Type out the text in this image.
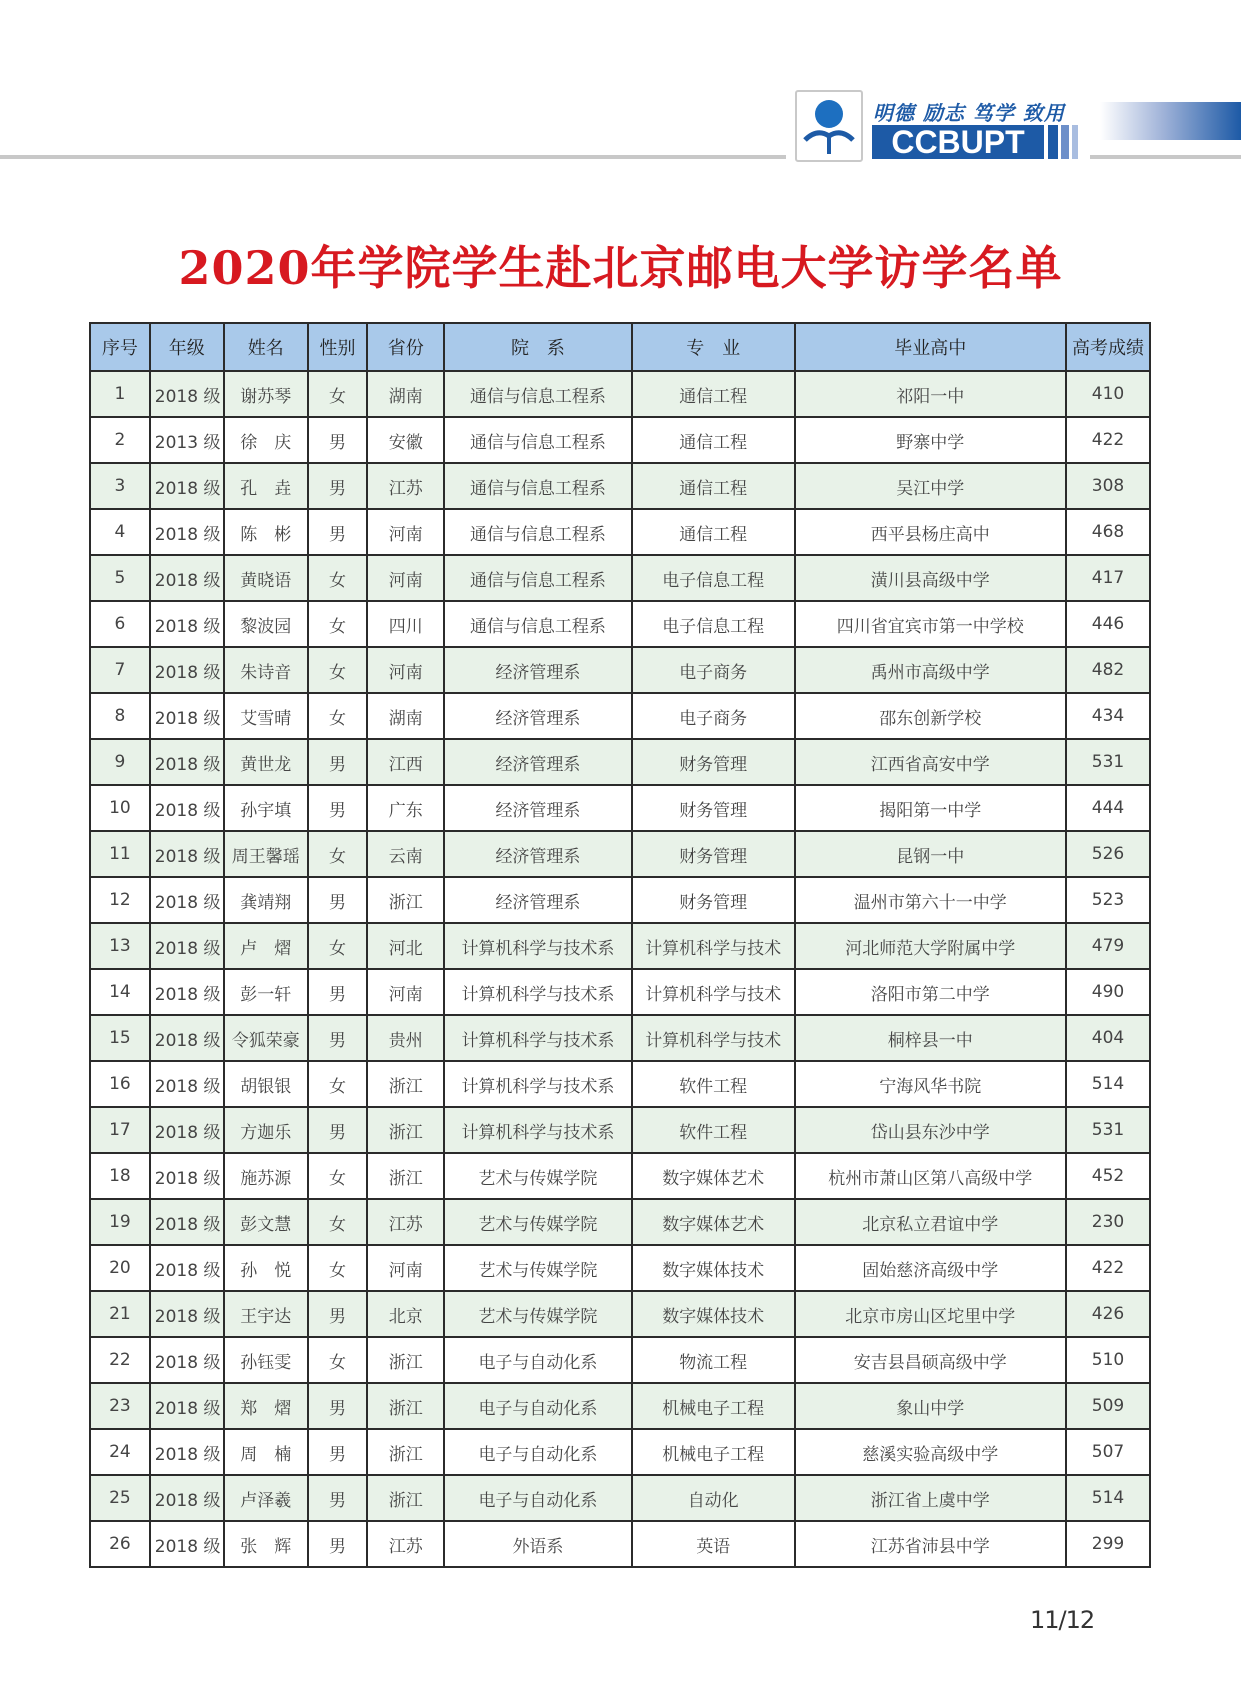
明德 励志 笃学 致用
CCBUPT
2020年学院学生赴北京邮电大学访学名单
序号	年级	姓名	性别	省份	院　系	专　业	毕业高中	高考成绩
1	2018 级	谢苏琴	女	湖南	通信与信息工程系	通信工程	祁阳一中	410
2	2013 级	徐　庆	男	安徽	通信与信息工程系	通信工程	野寨中学	422
3	2018 级	孔　垚	男	江苏	通信与信息工程系	通信工程	吴江中学	308
4	2018 级	陈　彬	男	河南	通信与信息工程系	通信工程	西平县杨庄高中	468
5	2018 级	黄晓语	女	河南	通信与信息工程系	电子信息工程	潢川县高级中学	417
6	2018 级	黎波园	女	四川	通信与信息工程系	电子信息工程	四川省宜宾市第一中学校	446
7	2018 级	朱诗音	女	河南	经济管理系	电子商务	禹州市高级中学	482
8	2018 级	艾雪晴	女	湖南	经济管理系	电子商务	邵东创新学校	434
9	2018 级	黄世龙	男	江西	经济管理系	财务管理	江西省高安中学	531
10	2018 级	孙宇填	男	广东	经济管理系	财务管理	揭阳第一中学	444
11	2018 级	周王馨瑶	女	云南	经济管理系	财务管理	昆钢一中	526
12	2018 级	龚靖翔	男	浙江	经济管理系	财务管理	温州市第六十一中学	523
13	2018 级	卢　熠	女	河北	计算机科学与技术系	计算机科学与技术	河北师范大学附属中学	479
14	2018 级	彭一轩	男	河南	计算机科学与技术系	计算机科学与技术	洛阳市第二中学	490
15	2018 级	令狐荣豪	男	贵州	计算机科学与技术系	计算机科学与技术	桐梓县一中	404
16	2018 级	胡银银	女	浙江	计算机科学与技术系	软件工程	宁海风华书院	514
17	2018 级	方迦乐	男	浙江	计算机科学与技术系	软件工程	岱山县东沙中学	531
18	2018 级	施苏源	女	浙江	艺术与传媒学院	数字媒体艺术	杭州市萧山区第八高级中学	452
19	2018 级	彭文慧	女	江苏	艺术与传媒学院	数字媒体艺术	北京私立君谊中学	230
20	2018 级	孙　悦	女	河南	艺术与传媒学院	数字媒体技术	固始慈济高级中学	422
21	2018 级	王宇达	男	北京	艺术与传媒学院	数字媒体技术	北京市房山区坨里中学	426
22	2018 级	孙钰雯	女	浙江	电子与自动化系	物流工程	安吉县昌硕高级中学	510
23	2018 级	郑　熠	男	浙江	电子与自动化系	机械电子工程	象山中学	509
24	2018 级	周　楠	男	浙江	电子与自动化系	机械电子工程	慈溪实验高级中学	507
25	2018 级	卢泽羲	男	浙江	电子与自动化系	自动化	浙江省上虞中学	514
26	2018 级	张　辉	男	江苏	外语系	英语	江苏省沛县中学	299
11/12
